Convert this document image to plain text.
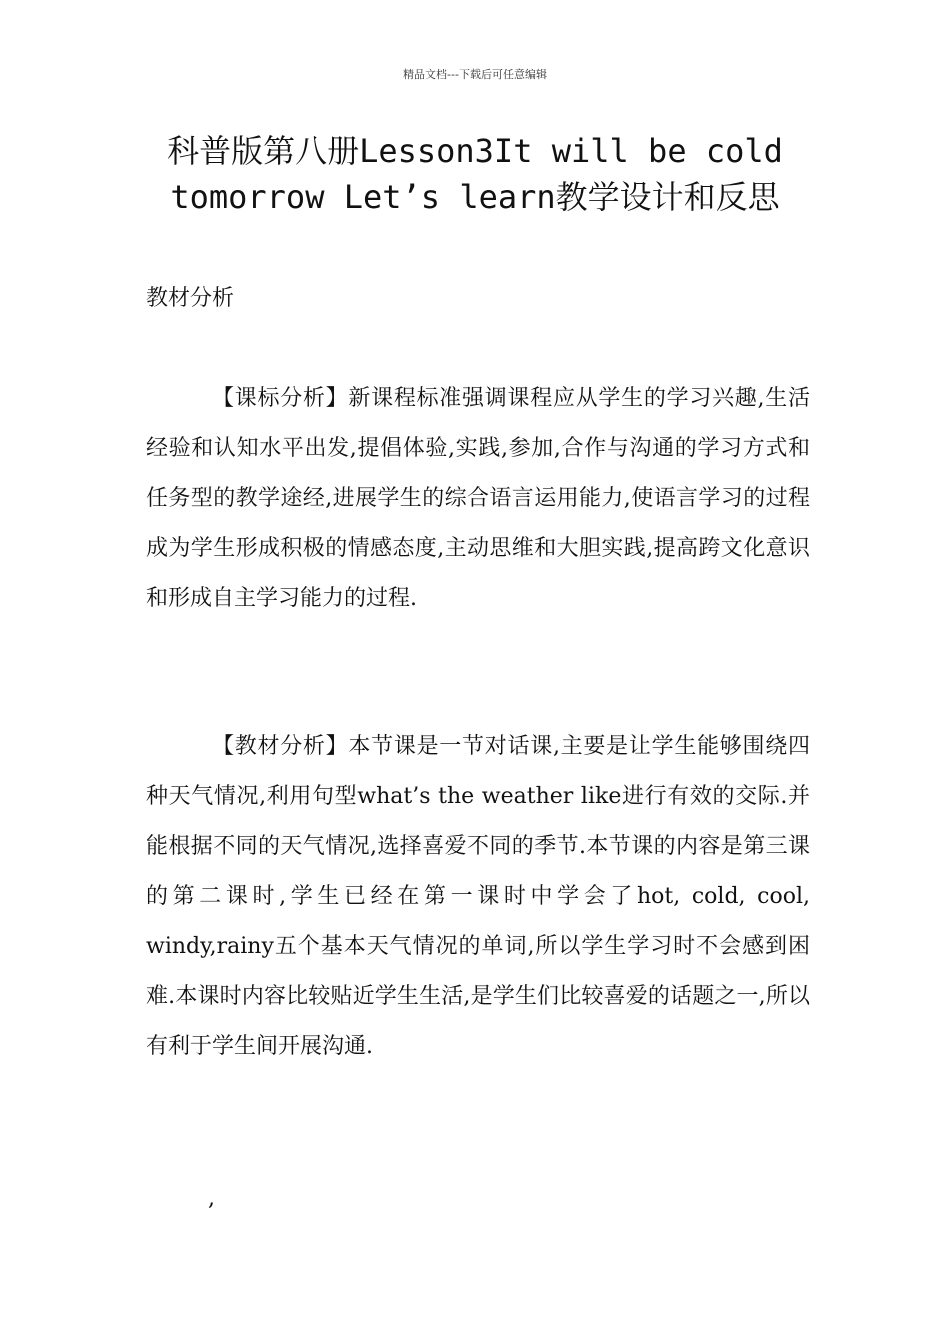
精品文档---下载后可任意编辑
科普版第八册Lesson3It will be cold tomorrow Let’s learn教学设计和反思
教材分析

【课标分析】新课程标准强调课程应从学生的学习兴趣,生活经验和认知水平出发,提倡体验,实践,参加,合作与沟通的学习方式和任务型的教学途经,进展学生的综合语言运用能力,使语言学习的过程成为学生形成积极的情感态度,主动思维和大胆实践,提高跨文化意识和形成自主学习能力的过程.

【教材分析】本节课是一节对话课,主要是让学生能够围绕四种天气情况,利用句型what’s the weather like进行有效的交际.并能根据不同的天气情况,选择喜爱不同的季节.本节课的内容是第三课的第二课时,学生已经在第一课时中学会了hot, cold, cool, windy,rainy五个基本天气情况的单词,所以学生学习时不会感到困难.本课时内容比较贴近学生生活,是学生们比较喜爱的话题之一,所以有利于学生间开展沟通.

,
